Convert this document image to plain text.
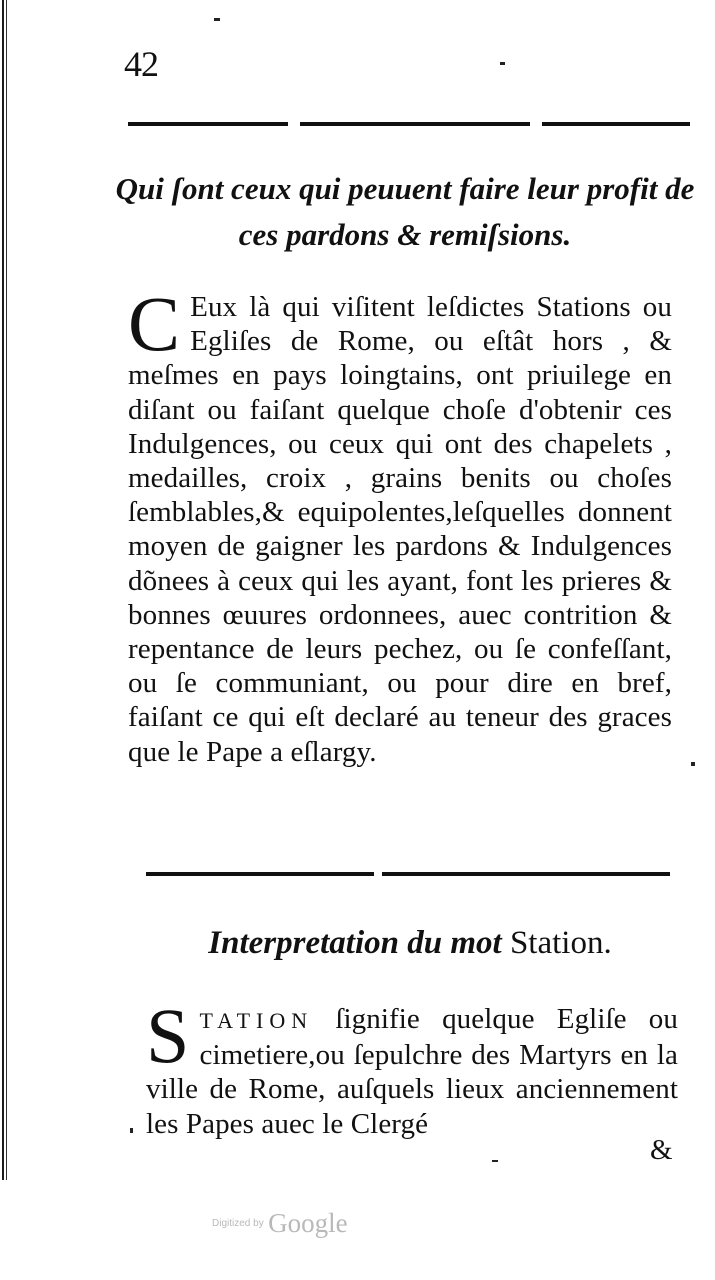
42
Qui ſont ceux qui peuuent faire leur profit de ces pardons & remiſsions.
C Eux là qui viſitent leſdictes Stations ou Egliſes de Rome, ou eſtât hors , & meſmes en pays loingtains, ont priuilege en diſant ou faiſant quelque choſe d'obtenir ces Indulgences, ou ceux qui ont des chapelets , medailles, croix , grains benits ou choſes ſemblables,& equipolentes,leſquelles donnent moyen de gaigner les pardons & Indulgences dõnees à ceux qui les ayant, font les prieres & bonnes œuures ordonnees, auec contrition & repentance de leurs pechez, ou ſe confeſſant, ou ſe communiant, ou pour dire en bref, faiſant ce qui eſt declaré au teneur des graces que le Pape a eſlargy.
Interpretation du mot Station.
S TATION ſignifie quelque Egliſe ou cimetiere,ou ſepulchre des Martyrs en la ville de Rome, auſquels lieux anciennement les Papes auec le Clergé
&
Digitized by Google
